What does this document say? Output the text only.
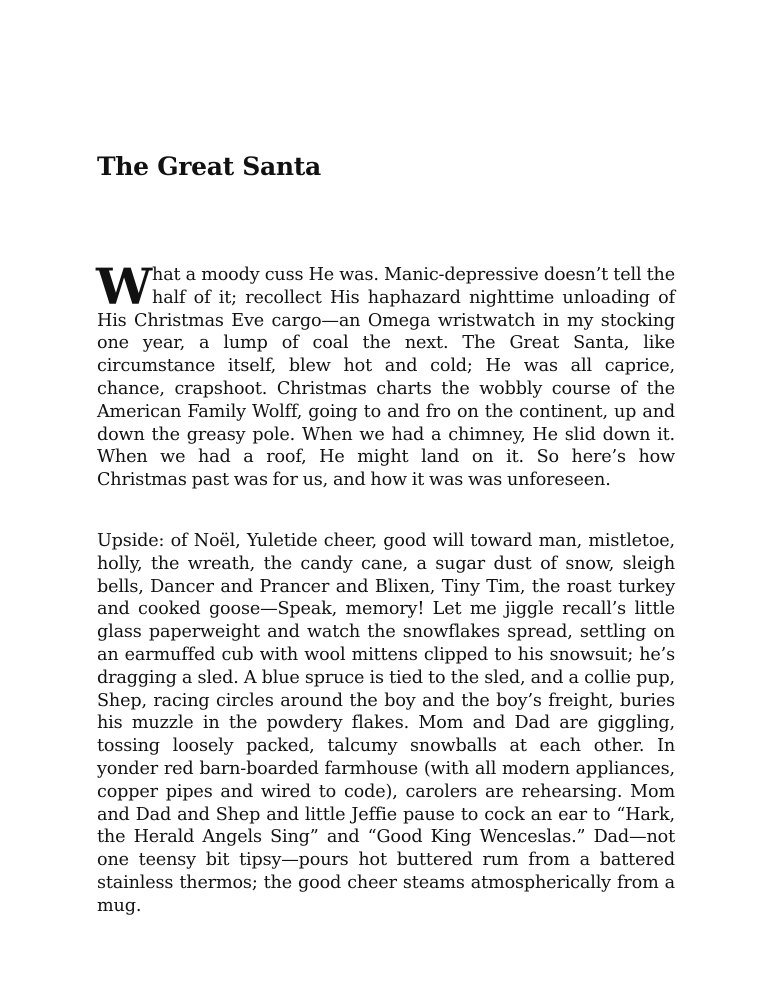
The Great Santa

What a moody cuss He was. Manic-depressive doesn’t tell the half of it; recollect His haphazard nighttime unloading of His Christmas Eve cargo—an Omega wristwatch in my stocking one year, a lump of coal the next. The Great Santa, like circumstance itself, blew hot and cold; He was all caprice, chance, crapshoot. Christmas charts the wobbly course of the American Family Wolff, going to and fro on the continent, up and down the greasy pole. When we had a chimney, He slid down it. When we had a roof, He might land on it. So here’s how Christmas past was for us, and how it was was unforeseen.

Upside: of Noël, Yuletide cheer, good will toward man, mistletoe, holly, the wreath, the candy cane, a sugar dust of snow, sleigh bells, Dancer and Prancer and Blixen, Tiny Tim, the roast turkey and cooked goose—Speak, memory! Let me jiggle recall’s little glass paperweight and watch the snowflakes spread, settling on an earmuffed cub with wool mittens clipped to his snowsuit; he’s dragging a sled. A blue spruce is tied to the sled, and a collie pup, Shep, racing circles around the boy and the boy’s freight, buries his muzzle in the powdery flakes. Mom and Dad are giggling, tossing loosely packed, talcumy snowballs at each other. In yonder red barn-boarded farmhouse (with all modern appliances, copper pipes and wired to code), carolers are rehearsing. Mom and Dad and Shep and little Jeffie pause to cock an ear to “Hark, the Herald Angels Sing” and “Good King Wenceslas.” Dad—not one teensy bit tipsy—pours hot buttered rum from a battered stainless thermos; the good cheer steams atmospherically from a mug.
